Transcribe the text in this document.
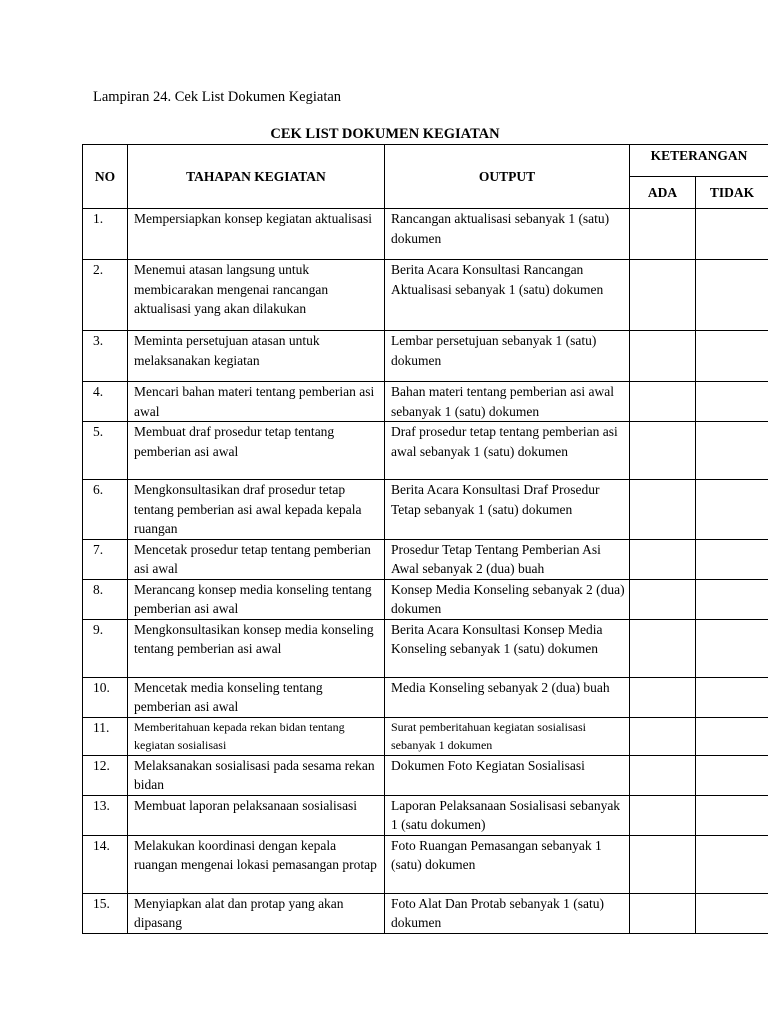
Lampiran 24. Cek List Dokumen Kegiatan
CEK LIST DOKUMEN KEGIATAN
NO	TAHAPAN KEGIATAN	OUTPUT	KETERANGAN	
			ADA	TIDAK
1.	Mempersiapkan konsep kegiatan aktualisasi	Rancangan aktualisasi sebanyak 1 (satu) dokumen		
2.	Menemui atasan langsung untuk membicarakan mengenai rancangan aktualisasi yang akan dilakukan	Berita Acara Konsultasi Rancangan Aktualisasi sebanyak 1 (satu) dokumen		
3.	Meminta persetujuan atasan untuk melaksanakan kegiatan	Lembar persetujuan sebanyak 1 (satu) dokumen		
4.	Mencari bahan materi tentang pemberian asi awal	Bahan materi tentang pemberian asi awal sebanyak 1 (satu) dokumen		
5.	Membuat draf prosedur tetap tentang pemberian asi awal	Draf prosedur tetap tentang pemberian asi awal sebanyak 1 (satu) dokumen		
6.	Mengkonsultasikan draf prosedur tetap tentang pemberian asi awal kepada kepala ruangan	Berita Acara Konsultasi Draf Prosedur Tetap sebanyak 1 (satu) dokumen		
7.	Mencetak prosedur tetap tentang pemberian asi awal	Prosedur Tetap Tentang Pemberian Asi Awal sebanyak 2 (dua) buah		
8.	Merancang konsep media konseling tentang pemberian asi awal	Konsep Media Konseling sebanyak 2 (dua) dokumen		
9.	Mengkonsultasikan konsep media konseling tentang pemberian asi awal	Berita Acara Konsultasi Konsep Media Konseling sebanyak 1 (satu) dokumen		
10.	Mencetak media konseling tentang pemberian asi awal	Media Konseling sebanyak 2 (dua) buah		
11.	Memberitahuan kepada rekan bidan tentang kegiatan sosialisasi	Surat pemberitahuan kegiatan sosialisasi sebanyak 1 dokumen		
12.	Melaksanakan sosialisasi pada sesama rekan bidan	Dokumen Foto Kegiatan Sosialisasi		
13.	Membuat laporan pelaksanaan sosialisasi	Laporan Pelaksanaan Sosialisasi sebanyak 1 (satu dokumen)		
14.	Melakukan koordinasi dengan kepala ruangan mengenai lokasi pemasangan protap	Foto Ruangan Pemasangan sebanyak 1 (satu) dokumen		
15.	Menyiapkan alat dan protap yang akan dipasang	Foto Alat Dan Protab sebanyak 1 (satu) dokumen		
